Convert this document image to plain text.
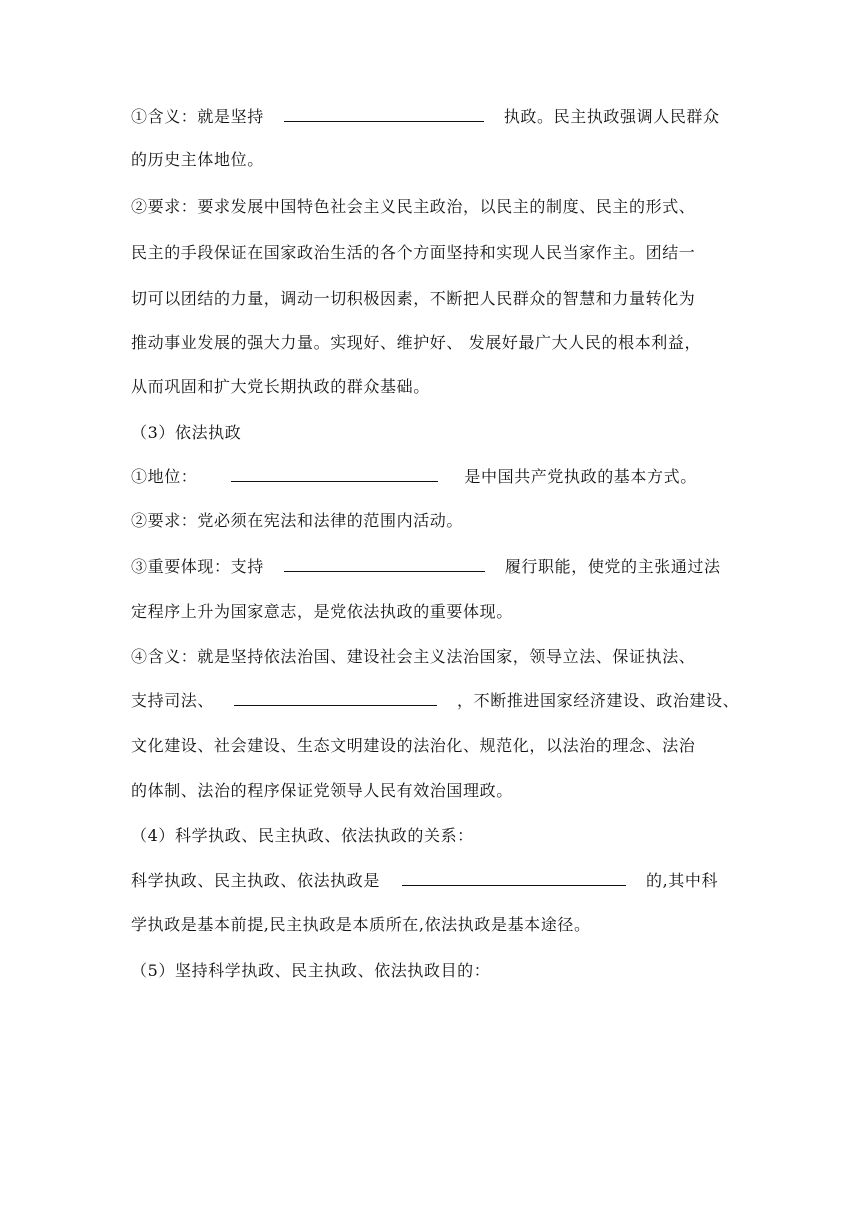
①含义：就是坚持	执政。民主执政强调人民群众
的历史主体地位。
②要求：要求发展中国特色社会主义民主政治，以民主的制度、民主的形式、
民主的手段保证在国家政治生活的各个方面坚持和实现人民当家作主。团结一
切可以团结的力量，调动一切积极因素，不断把人民群众的智慧和力量转化为
推动事业发展的强大力量。实现好、维护好、 发展好最广大人民的根本利益，
从而巩固和扩大党长期执政的群众基础。
（3）依法执政
①地位：	是中国共产党执政的基本方式。
②要求：党必须在宪法和法律的范围内活动。
③重要体现：支持	履行职能，使党的主张通过法
定程序上升为国家意志，是党依法执政的重要体现。
④含义：就是坚持依法治国、建设社会主义法治国家，领导立法、保证执法、
支持司法、	，不断推进国家经济建设、政治建设、
文化建设、社会建设、生态文明建设的法治化、规范化，以法治的理念、法治
的体制、法治的程序保证党领导人民有效治国理政。
（4）科学执政、民主执政、依法执政的关系：
科学执政、民主执政、依法执政是	的,其中科
学执政是基本前提,民主执政是本质所在,依法执政是基本途径。
（5）坚持科学执政、民主执政、依法执政目的：
